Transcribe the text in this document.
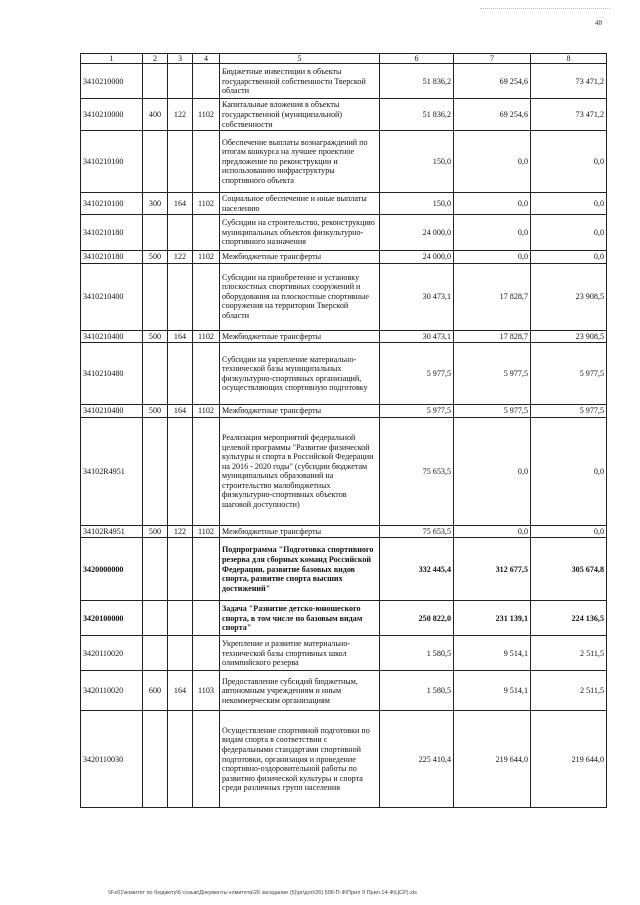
48
1	2	3	4	5	6	7	8
3410210000				Бюджетные инвестиции в объекты государственной собственности Тверской области	51 836,2	69 254,6	73 471,2
3410210000	400	122	1102	Капитальные вложения в объекты государственной (муниципальной) собственности	51 836,2	69 254,6	73 471,2
3410210100				Обеспечение выплаты вознаграждений по итогам конкурса на лучшее проектное предложение по реконструкции и использованию инфраструктуры спортивного объекта	150,0	0,0	0,0
3410210100	300	164	1102	Социальное обеспечение и иные выплаты населению	150,0	0,0	0,0
3410210180				Субсидии на строительство, реконструкцию муниципальных объектов физкультурно-спортивного назначения	24 000,0	0,0	0,0
3410210180	500	122	1102	Межбюджетные трансферты	24 000,0	0,0	0,0
3410210400				Субсидии на приобретение и установку плоскостных спортивных сооружений и оборудования на плоскостные спортивные сооружения на территории Тверской области	30 473,1	17 828,7	23 908,5
3410210400	500	164	1102	Межбюджетные трансферты	30 473,1	17 828,7	23 908,5
3410210480				Субсидии на укрепление материально-технической базы муниципальных физкультурно-спортивных организаций, осуществляющих спортивную подготовку	5 977,5	5 977,5	5 977,5
3410210480	500	164	1102	Межбюджетные трансферты	5 977,5	5 977,5	5 977,5
34102R4951				Реализация мероприятий федеральной целевой программы "Развитие физической культуры и спорта в Российской Федерации на 2016 - 2020 годы" (субсидии бюджетам муниципальных образований на строительство малобюджетных физкультурно-спортивных объектов шаговой доступности)	75 653,5	0,0	0,0
34102R4951	500	122	1102	Межбюджетные трансферты	75 653,5	0,0	0,0
3420000000				Подпрограмма "Подготовка спортивного резерва для сборных команд Российской Федерации, развитие базовых видов спорта, развитие спорта высших достижений"	332 445,4	312 677,5	305 674,8
3420100000				Задача "Развитие детско-юношеского спорта, в том числе по базовым видам спорта"	250 822,0	231 139,1	224 136,5
3420110020				Укрепление и развитие материально-технической базы спортивных школ олимпийского резерва	1 580,5	9 514,1	2 511,5
3420110020	600	164	1103	Предоставление субсидий бюджетным, автономным учреждениям и иным некоммерческим организациям	1 580,5	9 514,1	2 511,5
3420110030				Осуществление спортивной подготовки по видам спорта в соответствии с федеральными стандартами спортивной подготовки, организация и проведение спортивно-оздоровительной работы по развитию физической культуры и спорта среди различных групп населения	225 410,4	219 644,0	219 644,0
\\Fs01\комитет по бюджету\6 созыв\Документы комитета\26 заседание (5)\pr\дoп\26) 508-П-Ф\Прил 9 Прил.14-Ф\ЦСР).xls
